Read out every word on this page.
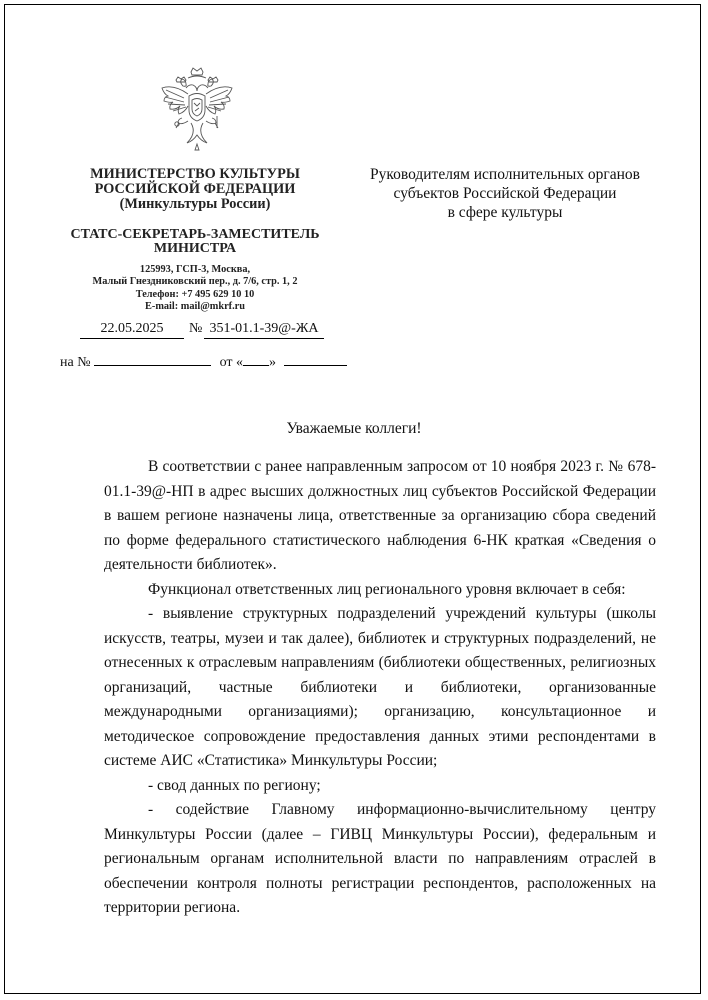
МИНИСТЕРСТВО КУЛЬТУРЫ
РОССИЙСКОЙ ФЕДЕРАЦИИ
(Минкультуры России)
СТАТС-СЕКРЕТАРЬ-ЗАМЕСТИТЕЛЬ
МИНИСТРА
125993, ГСП-3, Москва,
Малый Гнездниковский пер., д. 7/6, стр. 1, 2
Телефон: +7 495 629 10 10
E-mail: mail@mkrf.ru
22.05.2025	№ 351-01.1-39@-ЖА
на №	от « »
Руководителям исполнительных органов
субъектов Российской Федерации
в сфере культуры
Уважаемые коллеги!

В соответствии с ранее направленным запросом от 10 ноября 2023 г. № 678-01.1-39@-НП в адрес высших должностных лиц субъектов Российской Федерации в вашем регионе назначены лица, ответственные за организацию сбора сведений по форме федерального статистического наблюдения 6-НК краткая «Сведения о деятельности библиотек».

Функционал ответственных лиц регионального уровня включает в себя:

- выявление структурных подразделений учреждений культуры (школы искусств, театры, музеи и так далее), библиотек и структурных подразделений, не отнесенных к отраслевым направлениям (библиотеки общественных, религиозных организаций, частные библиотеки и библиотеки, организованные международными организациями); организацию, консультационное и методическое сопровождение предоставления данных этими респондентами в системе АИС «Статистика» Минкультуры России;

- свод данных по региону;

- содействие Главному информационно-вычислительному центру Минкультуры России (далее – ГИВЦ Минкультуры России), федеральным и региональным органам исполнительной власти по направлениям отраслей в обеспечении контроля полноты регистрации респондентов, расположенных на территории региона.
